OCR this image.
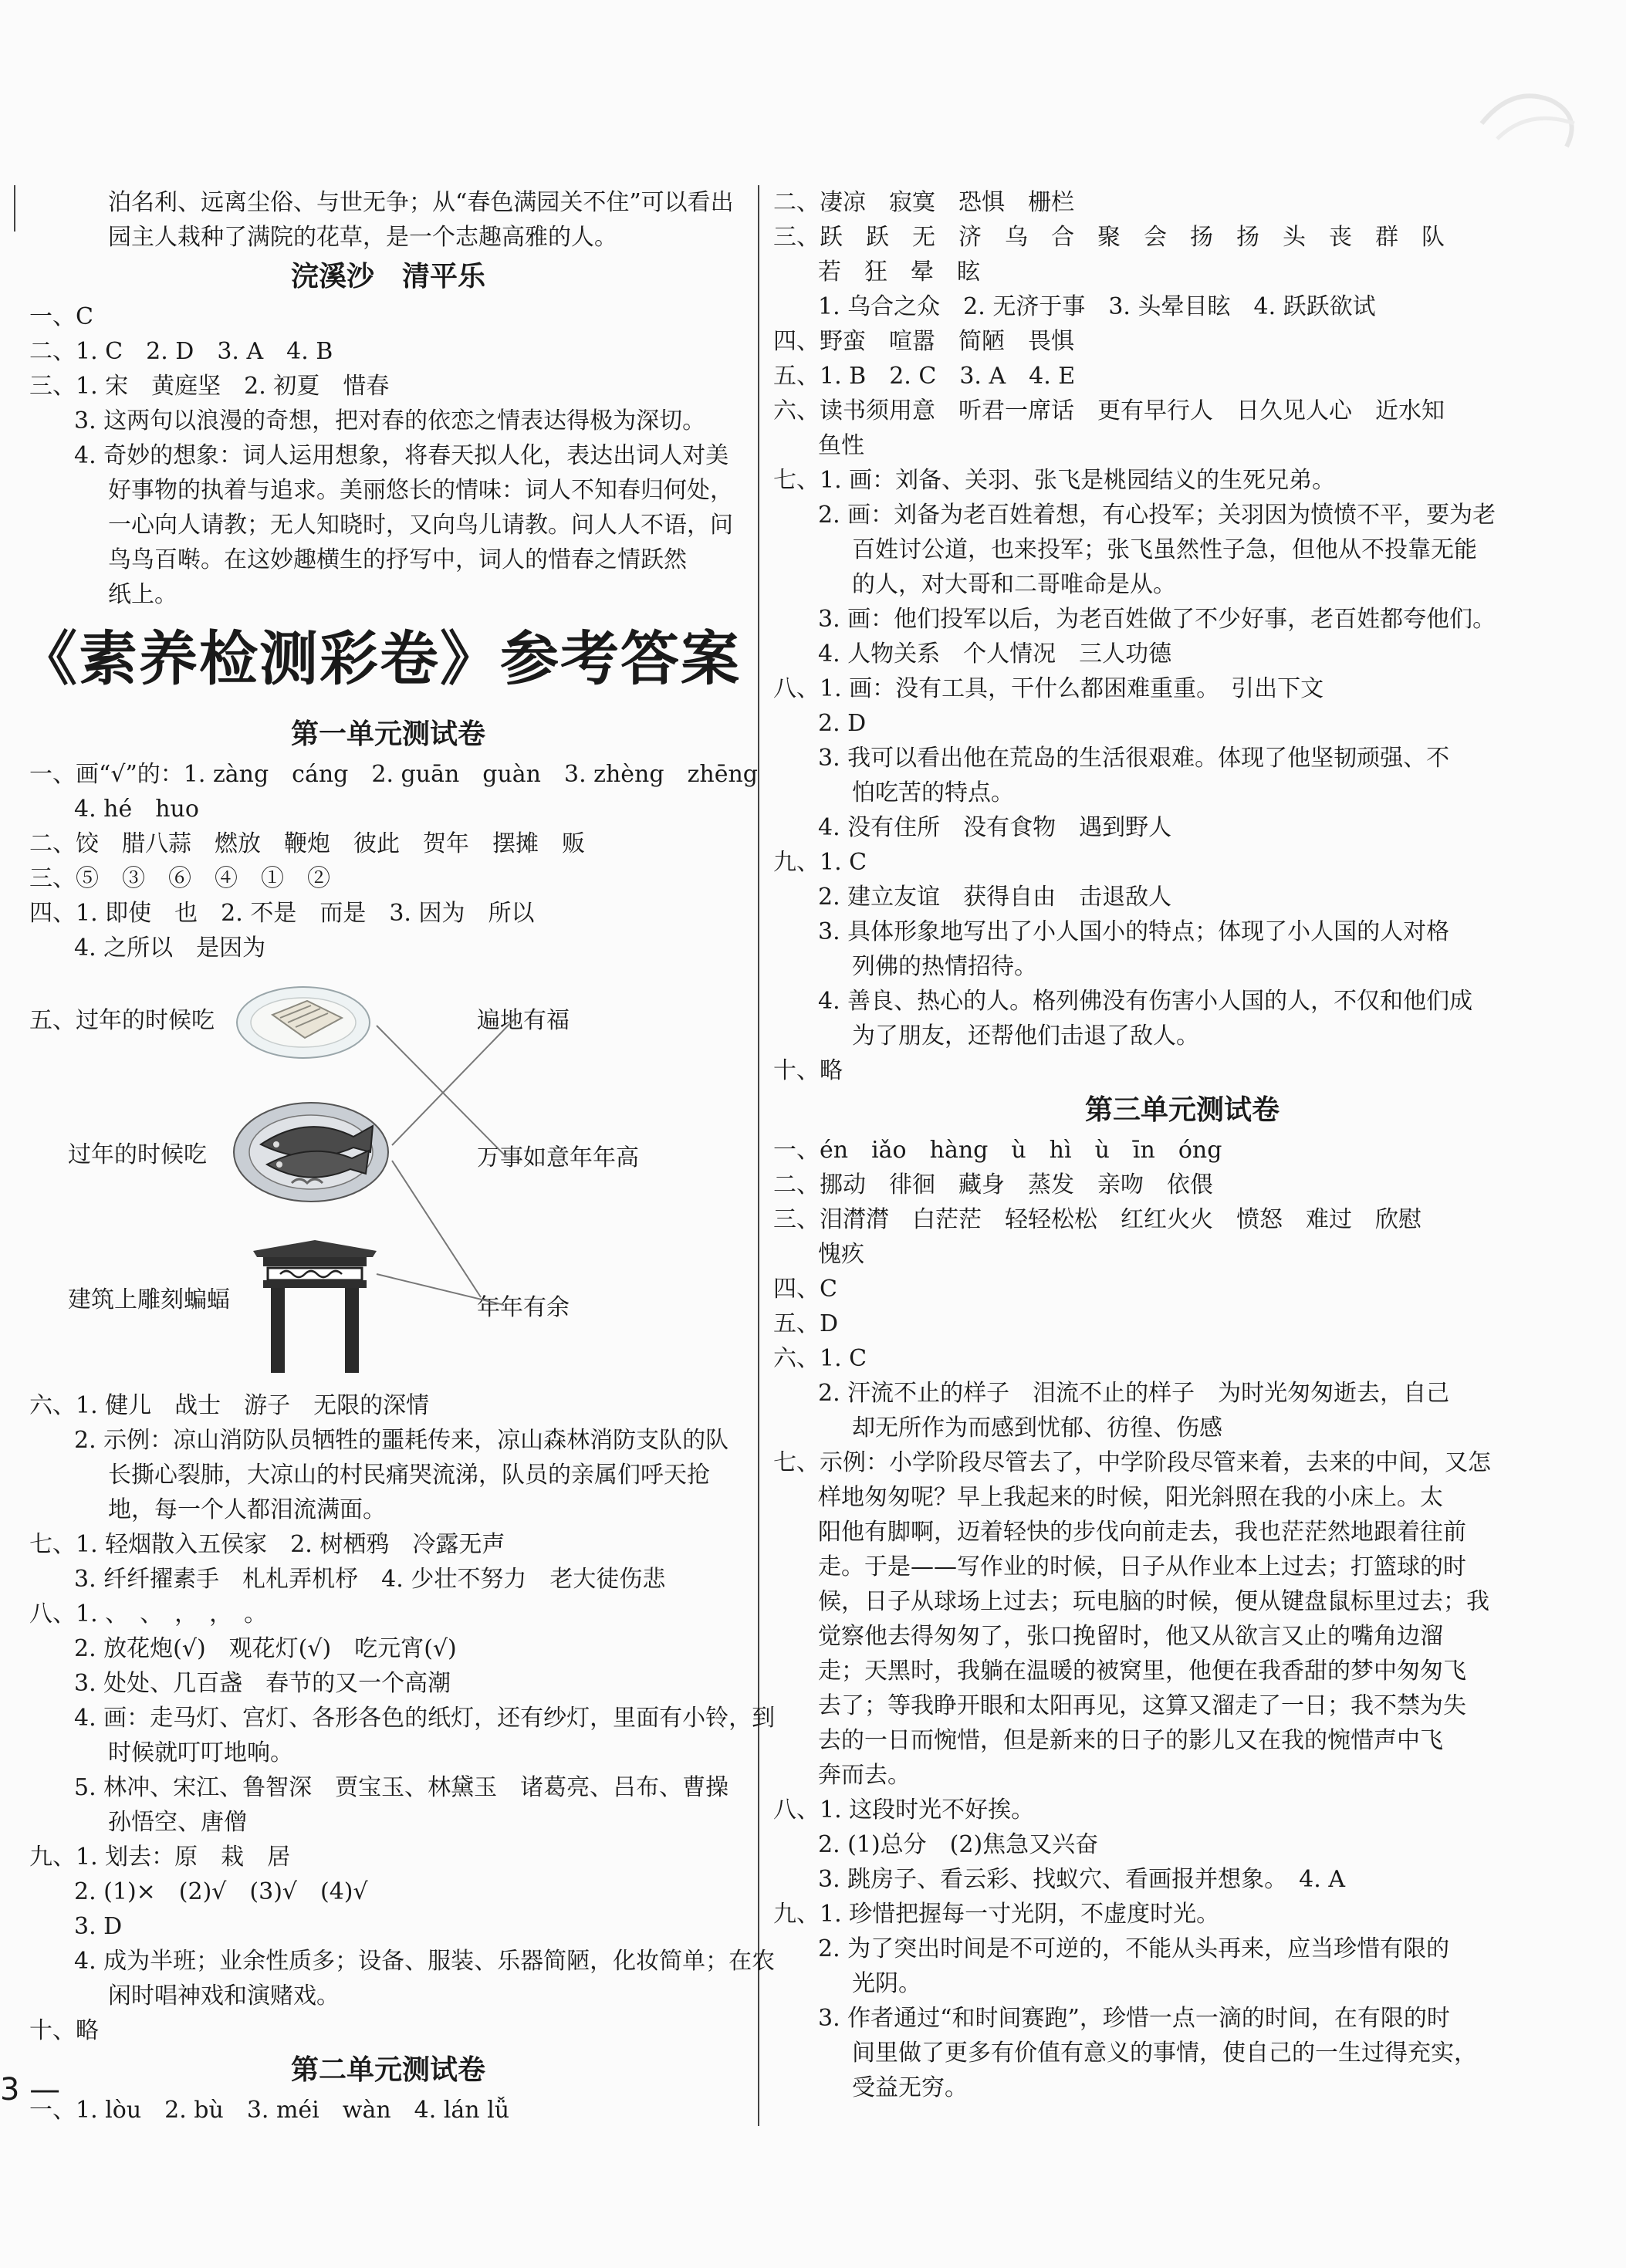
泊名利、远离尘俗、与世无争；从“春色满园关不住”可以看出
园主人栽种了满院的花草，是一个志趣高雅的人。
浣溪沙　清平乐
一、C
二、1. C　2. D　3. A　4. B
三、1. 宋　黄庭坚　2. 初夏　惜春
3. 这两句以浪漫的奇想，把对春的依恋之情表达得极为深切。
4. 奇妙的想象：词人运用想象，将春天拟人化，表达出词人对美
好事物的执着与追求。美丽悠长的情味：词人不知春归何处，
一心向人请教；无人知晓时，又向鸟儿请教。问人人不语，问
鸟鸟百啭。在这妙趣横生的抒写中，词人的惜春之情跃然
纸上。
《素养检测彩卷》参考答案
第一单元测试卷
一、画“√”的：1. zàng　cáng　2. guān　guàn　3. zhèng　zhēng
4. hé　huo
二、饺　腊八蒜　燃放　鞭炮　彼此　贺年　摆摊　贩
三、⑤　③　⑥　④　①　②
四、1. 即使　也　2. 不是　而是　3. 因为　所以
4. 之所以　是因为
五、过年的时候吃
过年的时候吃
建筑上雕刻蝙蝠
遍地有福
万事如意年年高
年年有余
六、1. 健儿　战士　游子　无限的深情
2. 示例：凉山消防队员牺牲的噩耗传来，凉山森林消防支队的队
长撕心裂肺，大凉山的村民痛哭流涕，队员的亲属们呼天抢
地，每一个人都泪流满面。
七、1. 轻烟散入五侯家　2. 树栖鸦　冷露无声
3. 纤纤擢素手　札札弄机杼　4. 少壮不努力　老大徒伤悲
八、1. 、　、　，　，　。
2. 放花炮(√)　观花灯(√)　吃元宵(√)
3. 处处、几百盏　春节的又一个高潮
4. 画：走马灯、宫灯、各形各色的纸灯，还有纱灯，里面有小铃，到
时候就叮叮地响。
5. 林冲、宋江、鲁智深　贾宝玉、林黛玉　诸葛亮、吕布、曹操
孙悟空、唐僧
九、1. 划去：原　栽　居
2. (1)×　(2)√　(3)√　(4)√
3. D
4. 成为半班；业余性质多；设备、服装、乐器简陋，化妆简单；在农
闲时唱神戏和演赌戏。
十、略
第二单元测试卷
一、1. lòu　2. bù　3. méi　wàn　4. lán lǚ
二、凄凉　寂寞　恐惧　栅栏
三、跃　跃　无　济　乌　合　聚　会　扬　扬　头　丧　群　队
若　狂　晕　眩
1. 乌合之众　2. 无济于事　3. 头晕目眩　4. 跃跃欲试
四、野蛮　喧嚣　简陋　畏惧
五、1. B　2. C　3. A　4. E
六、读书须用意　听君一席话　更有早行人　日久见人心　近水知
鱼性
七、1. 画：刘备、关羽、张飞是桃园结义的生死兄弟。
2. 画：刘备为老百姓着想，有心投军；关羽因为愤愤不平，要为老
百姓讨公道，也来投军；张飞虽然性子急，但他从不投靠无能
的人，对大哥和二哥唯命是从。
3. 画：他们投军以后，为老百姓做了不少好事，老百姓都夸他们。
4. 人物关系　个人情况　三人功德
八、1. 画：没有工具，干什么都困难重重。　引出下文
2. D
3. 我可以看出他在荒岛的生活很艰难。体现了他坚韧顽强、不
怕吃苦的特点。
4. 没有住所　没有食物　遇到野人
九、1. C
2. 建立友谊　获得自由　击退敌人
3. 具体形象地写出了小人国小的特点；体现了小人国的人对格
列佛的热情招待。
4. 善良、热心的人。格列佛没有伤害小人国的人，不仅和他们成
为了朋友，还帮他们击退了敌人。
十、略
第三单元测试卷
一、én　iǎo　hàng　ù　hì　ù　īn　óng
二、挪动　徘徊　藏身　蒸发　亲吻　依偎
三、泪潸潸　白茫茫　轻轻松松　红红火火　愤怒　难过　欣慰
愧疚
四、C
五、D
六、1. C
2. 汗流不止的样子　泪流不止的样子　为时光匆匆逝去，自己
却无所作为而感到忧郁、彷徨、伤感
七、示例：小学阶段尽管去了，中学阶段尽管来着，去来的中间，又怎
样地匆匆呢？早上我起来的时候，阳光斜照在我的小床上。太
阳他有脚啊，迈着轻快的步伐向前走去，我也茫茫然地跟着往前
走。于是——写作业的时候，日子从作业本上过去；打篮球的时
候，日子从球场上过去；玩电脑的时候，便从键盘鼠标里过去；我
觉察他去得匆匆了，张口挽留时，他又从欲言又止的嘴角边溜
走；天黑时，我躺在温暖的被窝里，他便在我香甜的梦中匆匆飞
去了；等我睁开眼和太阳再见，这算又溜走了一日；我不禁为失
去的一日而惋惜，但是新来的日子的影儿又在我的惋惜声中飞
奔而去。
八、1. 这段时光不好挨。
2. (1)总分　(2)焦急又兴奋
3. 跳房子、看云彩、找蚁穴、看画报并想象。　4. A
九、1. 珍惜把握每一寸光阴，不虚度时光。
2. 为了突出时间是不可逆的，不能从头再来，应当珍惜有限的
光阴。
3. 作者通过“和时间赛跑”，珍惜一点一滴的时间，在有限的时
间里做了更多有价值有意义的事情，使自己的一生过得充实，
受益无穷。
3 —
